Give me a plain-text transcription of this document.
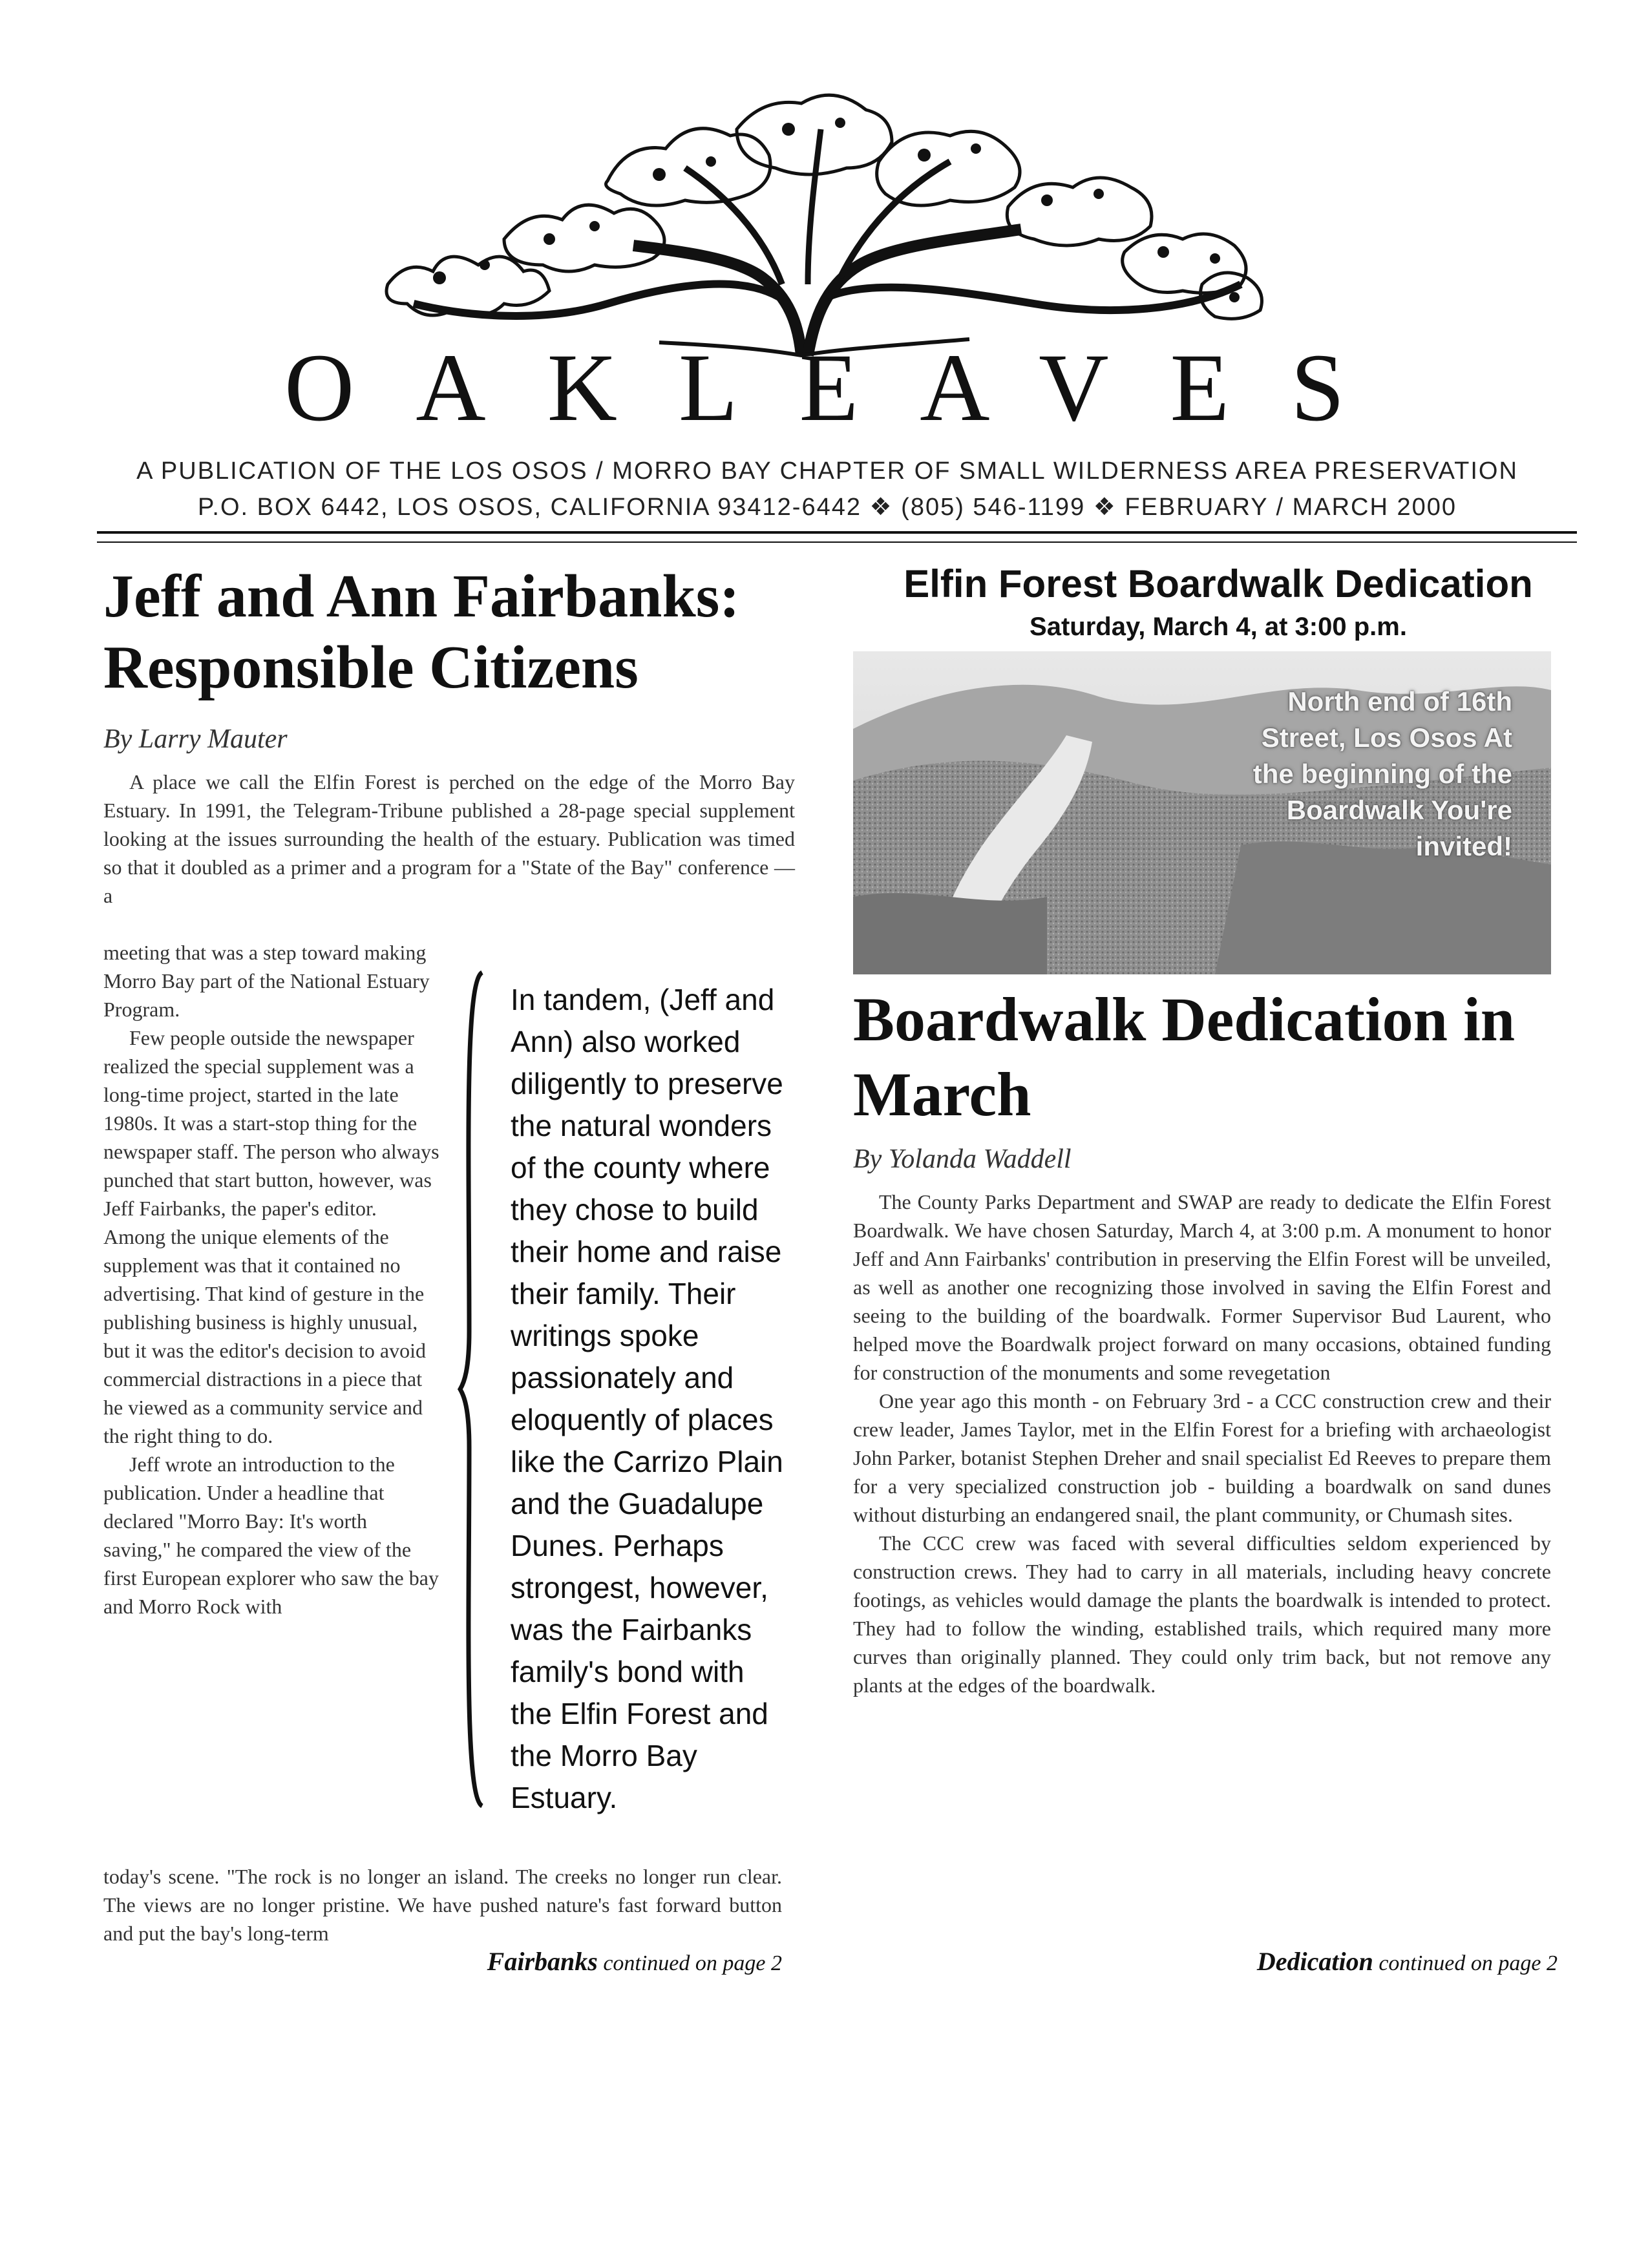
OAKLEAVES
A PUBLICATION OF THE LOS OSOS / MORRO BAY CHAPTER OF SMALL WILDERNESS AREA PRESERVATION
P.O. BOX 6442, LOS OSOS, CALIFORNIA 93412-6442 ❖ (805) 546-1199 ❖ FEBRUARY / MARCH 2000
Jeff and Ann Fairbanks: Responsible Citizens

By Larry Mauter

A place we call the Elfin Forest is perched on the edge of the Morro Bay Estuary. In 1991, the Telegram-Tribune published a 28-page special supplement looking at the issues surrounding the health of the estuary. Publication was timed so that it doubled as a primer and a program for a "State of the Bay" conference — a

meeting that was a step toward making Morro Bay part of the National Estuary Program.

Few people outside the newspaper realized the special supplement was a long-time project, started in the late 1980s. It was a start-stop thing for the newspaper staff. The person who always punched that start button, however, was Jeff Fairbanks, the paper's editor. Among the unique elements of the supplement was that it contained no advertising. That kind of gesture in the publishing business is highly unusual, but it was the editor's decision to avoid commercial distractions in a piece that he viewed as a community service and the right thing to do.

Jeff wrote an introduction to the publication. Under a headline that declared "Morro Bay: It's worth saving," he compared the view of the first European explorer who saw the bay and Morro Rock with

In tandem, (Jeff and Ann) also worked diligently to preserve the natural wonders of the county where they chose to build their home and raise their family. Their writings spoke passionately and eloquently of places like the Carrizo Plain and the Guadalupe Dunes. Perhaps strongest, however, was the Fairbanks family's bond with the Elfin Forest and the Morro Bay Estuary.

today's scene. "The rock is no longer an island. The creeks no longer run clear. The views are no longer pristine. We have pushed nature's fast forward button and put the bay's long-term

Fairbanks continued on page 2
Elfin Forest Boardwalk Dedication

Saturday, March 4, at 3:00 p.m.

North end of 16th Street, Los Osos At the beginning of the Boardwalk You're invited!
Boardwalk Dedication in March

By Yolanda Waddell

The County Parks Department and SWAP are ready to dedicate the Elfin Forest Boardwalk. We have chosen Saturday, March 4, at 3:00 p.m. A monument to honor Jeff and Ann Fairbanks' contribution in preserving the Elfin Forest will be unveiled, as well as another one recognizing those involved in saving the Elfin Forest and seeing to the building of the boardwalk. Former Supervisor Bud Laurent, who helped move the Boardwalk project forward on many occasions, obtained funding for construction of the monuments and some revegetation

One year ago this month - on February 3rd - a CCC construction crew and their crew leader, James Taylor, met in the Elfin Forest for a briefing with archaeologist John Parker, botanist Stephen Dreher and snail specialist Ed Reeves to prepare them for a very specialized construction job - building a boardwalk on sand dunes without disturbing an endangered snail, the plant community, or Chumash sites.

The CCC crew was faced with several difficulties seldom experienced by construction crews. They had to carry in all materials, including heavy concrete footings, as vehicles would damage the plants the boardwalk is intended to protect. They had to follow the winding, established trails, which required many more curves than originally planned. They could only trim back, but not remove any plants at the edges of the boardwalk.

Dedication continued on page 2
